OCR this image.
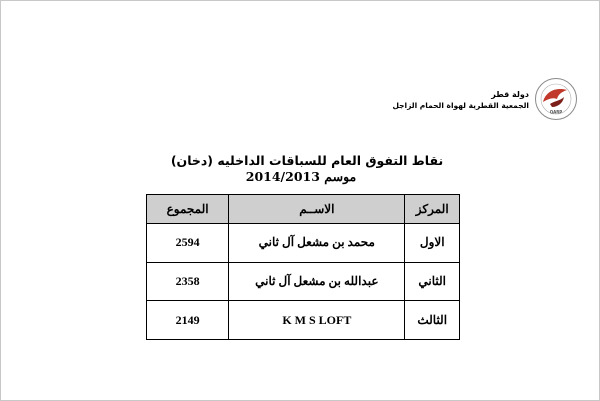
دولة قطر
الجمعية القطرية لهواة الحمام الزاجل
QARP
نقاط التفوق العام للسباقات الداخليه (دخان)
موسم 2014/2013
المركز	الاســم	المجموع
الاول	محمد بن مشعل آل ثاني	2594
الثاني	عبدالله بن مشعل آل ثاني	2358
الثالث	K M S LOFT	2149
